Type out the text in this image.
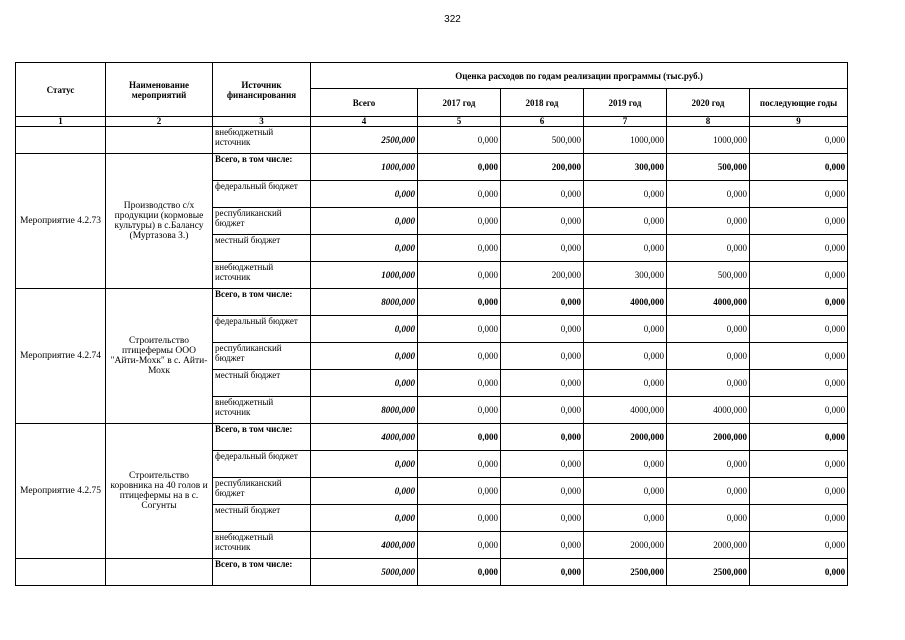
322
Статус	Наименование мероприятий	Источник финансирования	Оценка расходов по годам реализации программы (тыс.руб.)					
			Всего	2017 год	2018 год	2019 год	2020 год	последующие годы
1	2	3	4	5	6	7	8	9
		внебюджетный источник	2500,000	0,000	500,000	1000,000	1000,000	0,000
Мероприятие 4.2.73	Производство с/х продукции (кормовые культуры) в с.Балансу (Муртазова З.)	Всего, в том числе:	1000,000	0,000	200,000	300,000	500,000	0,000
		федеральный бюджет	0,000	0,000	0,000	0,000	0,000	0,000
		республиканский бюджет	0,000	0,000	0,000	0,000	0,000	0,000
		местный бюджет	0,000	0,000	0,000	0,000	0,000	0,000
		внебюджетный источник	1000,000	0,000	200,000	300,000	500,000	0,000
Мероприятие 4.2.74	Строительство птицефермы ООО "Айти-Мохк" в с. Айти-Мохк	Всего, в том числе:	8000,000	0,000	0,000	4000,000	4000,000	0,000
		федеральный бюджет	0,000	0,000	0,000	0,000	0,000	0,000
		республиканский бюджет	0,000	0,000	0,000	0,000	0,000	0,000
		местный бюджет	0,000	0,000	0,000	0,000	0,000	0,000
		внебюджетный источник	8000,000	0,000	0,000	4000,000	4000,000	0,000
Мероприятие 4.2.75	Строительство коровника на 40 голов и птицефермы на в с. Согунты	Всего, в том числе:	4000,000	0,000	0,000	2000,000	2000,000	0,000
		федеральный бюджет	0,000	0,000	0,000	0,000	0,000	0,000
		республиканский бюджет	0,000	0,000	0,000	0,000	0,000	0,000
		местный бюджет	0,000	0,000	0,000	0,000	0,000	0,000
		внебюджетный источник	4000,000	0,000	0,000	2000,000	2000,000	0,000
		Всего, в том числе:	5000,000	0,000	0,000	2500,000	2500,000	0,000
